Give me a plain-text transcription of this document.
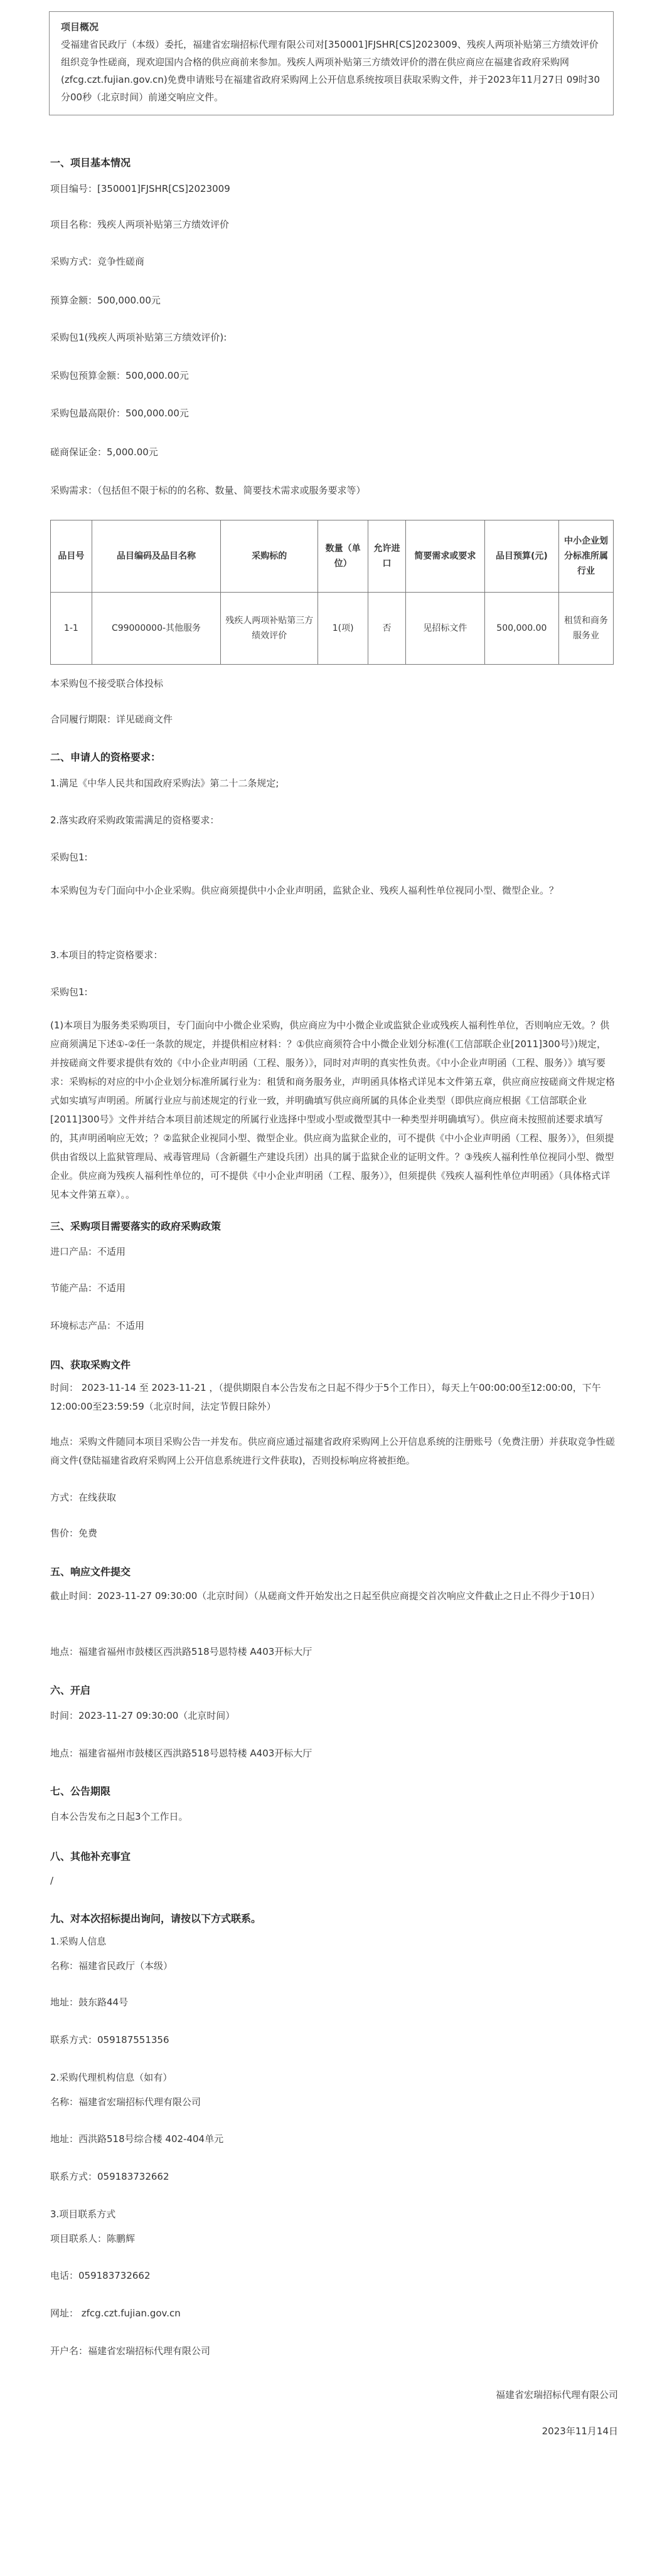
项目概况
受福建省民政厅（本级）委托，福建省宏瑞招标代理有限公司对[350001]FJSHR[CS]2023009、残疾人两项补贴第三方绩效评价组织竞争性磋商，现欢迎国内合格的供应商前来参加。残疾人两项补贴第三方绩效评价的潜在供应商应在福建省政府采购网(zfcg.czt.fujian.gov.cn)免费申请账号在福建省政府采购网上公开信息系统按项目获取采购文件，并于2023年11月27日 09时30分00秒（北京时间）前递交响应文件。
一、项目基本情况
项目编号：[350001]FJSHR[CS]2023009
项目名称：残疾人两项补贴第三方绩效评价
采购方式：竞争性磋商
预算金额：500,000.00元
采购包1(残疾人两项补贴第三方绩效评价):
采购包预算金额：500,000.00元
采购包最高限价：500,000.00元
磋商保证金：5,000.00元
采购需求：（包括但不限于标的的名称、数量、简要技术需求或服务要求等）
品目号	品目编码及品目名称	采购标的	数量（单位）	允许进口	简要需求或要求	品目预算(元)	中小企业划分标准所属行业
1-1	C99000000-其他服务	残疾人两项补贴第三方绩效评价	1(项)	否	见招标文件	500,000.00	租赁和商务服务业
本采购包不接受联合体投标
合同履行期限：详见磋商文件
二、申请人的资格要求：
1.满足《中华人民共和国政府采购法》第二十二条规定;
2.落实政府采购政策需满足的资格要求：
采购包1:
本采购包为专门面向中小企业采购。供应商须提供中小企业声明函，监狱企业、残疾人福利性单位视同小型、微型企业。？
3.本项目的特定资格要求：
采购包1:
(1)本项目为服务类采购项目，专门面向中小微企业采购，供应商应为中小微企业或监狱企业或残疾人福利性单位，否则响应无效。？供应商须满足下述①-②任一条款的规定，并提供相应材料：？①供应商须符合中小微企业划分标准(《工信部联企业[2011]300号》)规定，并按磋商文件要求提供有效的《中小企业声明函（工程、服务）》，同时对声明的真实性负责。《中小企业声明函（工程、服务）》填写要求：采购标的对应的中小企业划分标准所属行业为：租赁和商务服务业，声明函具体格式详见本文件第五章，供应商应按磋商文件规定格式如实填写声明函。所属行业应与前述规定的行业一致，并明确填写供应商所属的具体企业类型（即供应商应根据《工信部联企业[2011]300号》文件并结合本项目前述规定的所属行业选择中型或小型或微型其中一种类型并明确填写）。供应商未按照前述要求填写的，其声明函响应无效；？②监狱企业视同小型、微型企业。供应商为监狱企业的，可不提供《中小企业声明函（工程、服务）》，但须提供由省级以上监狱管理局、戒毒管理局（含新疆生产建设兵团）出具的属于监狱企业的证明文件。？③残疾人福利性单位视同小型、微型企业。供应商为残疾人福利性单位的，可不提供《中小企业声明函（工程、服务）》，但须提供《残疾人福利性单位声明函》（具体格式详见本文件第五章）。。
三、采购项目需要落实的政府采购政策
进口产品：不适用
节能产品：不适用
环境标志产品：不适用
四、获取采购文件
时间： 2023-11-14 至 2023-11-21 ，（提供期限自本公告发布之日起不得少于5个工作日），每天上午00:00:00至12:00:00，下午12:00:00至23:59:59（北京时间，法定节假日除外）
地点：采购文件随同本项目采购公告一并发布。供应商应通过福建省政府采购网上公开信息系统的注册账号（免费注册）并获取竞争性磋商文件(登陆福建省政府采购网上公开信息系统进行文件获取)，否则投标响应将被拒绝。
方式：在线获取
售价：免费
五、响应文件提交
截止时间：2023-11-27 09:30:00（北京时间）（从磋商文件开始发出之日起至供应商提交首次响应文件截止之日止不得少于10日）
地点：福建省福州市鼓楼区西洪路518号恩特楼 A403开标大厅
六、开启
时间：2023-11-27 09:30:00（北京时间）
地点：福建省福州市鼓楼区西洪路518号恩特楼 A403开标大厅
七、公告期限
自本公告发布之日起3个工作日。
八、其他补充事宜
/
九、对本次招标提出询问，请按以下方式联系。
1.采购人信息
名称：福建省民政厅（本级）
地址：鼓东路44号
联系方式：059187551356
2.采购代理机构信息（如有）
名称：福建省宏瑞招标代理有限公司
地址：西洪路518号综合楼 402-404单元
联系方式：059183732662
3.项目联系方式
项目联系人：陈鹏辉
电话：059183732662
网址： zfcg.czt.fujian.gov.cn
开户名：福建省宏瑞招标代理有限公司
福建省宏瑞招标代理有限公司
2023年11月14日
